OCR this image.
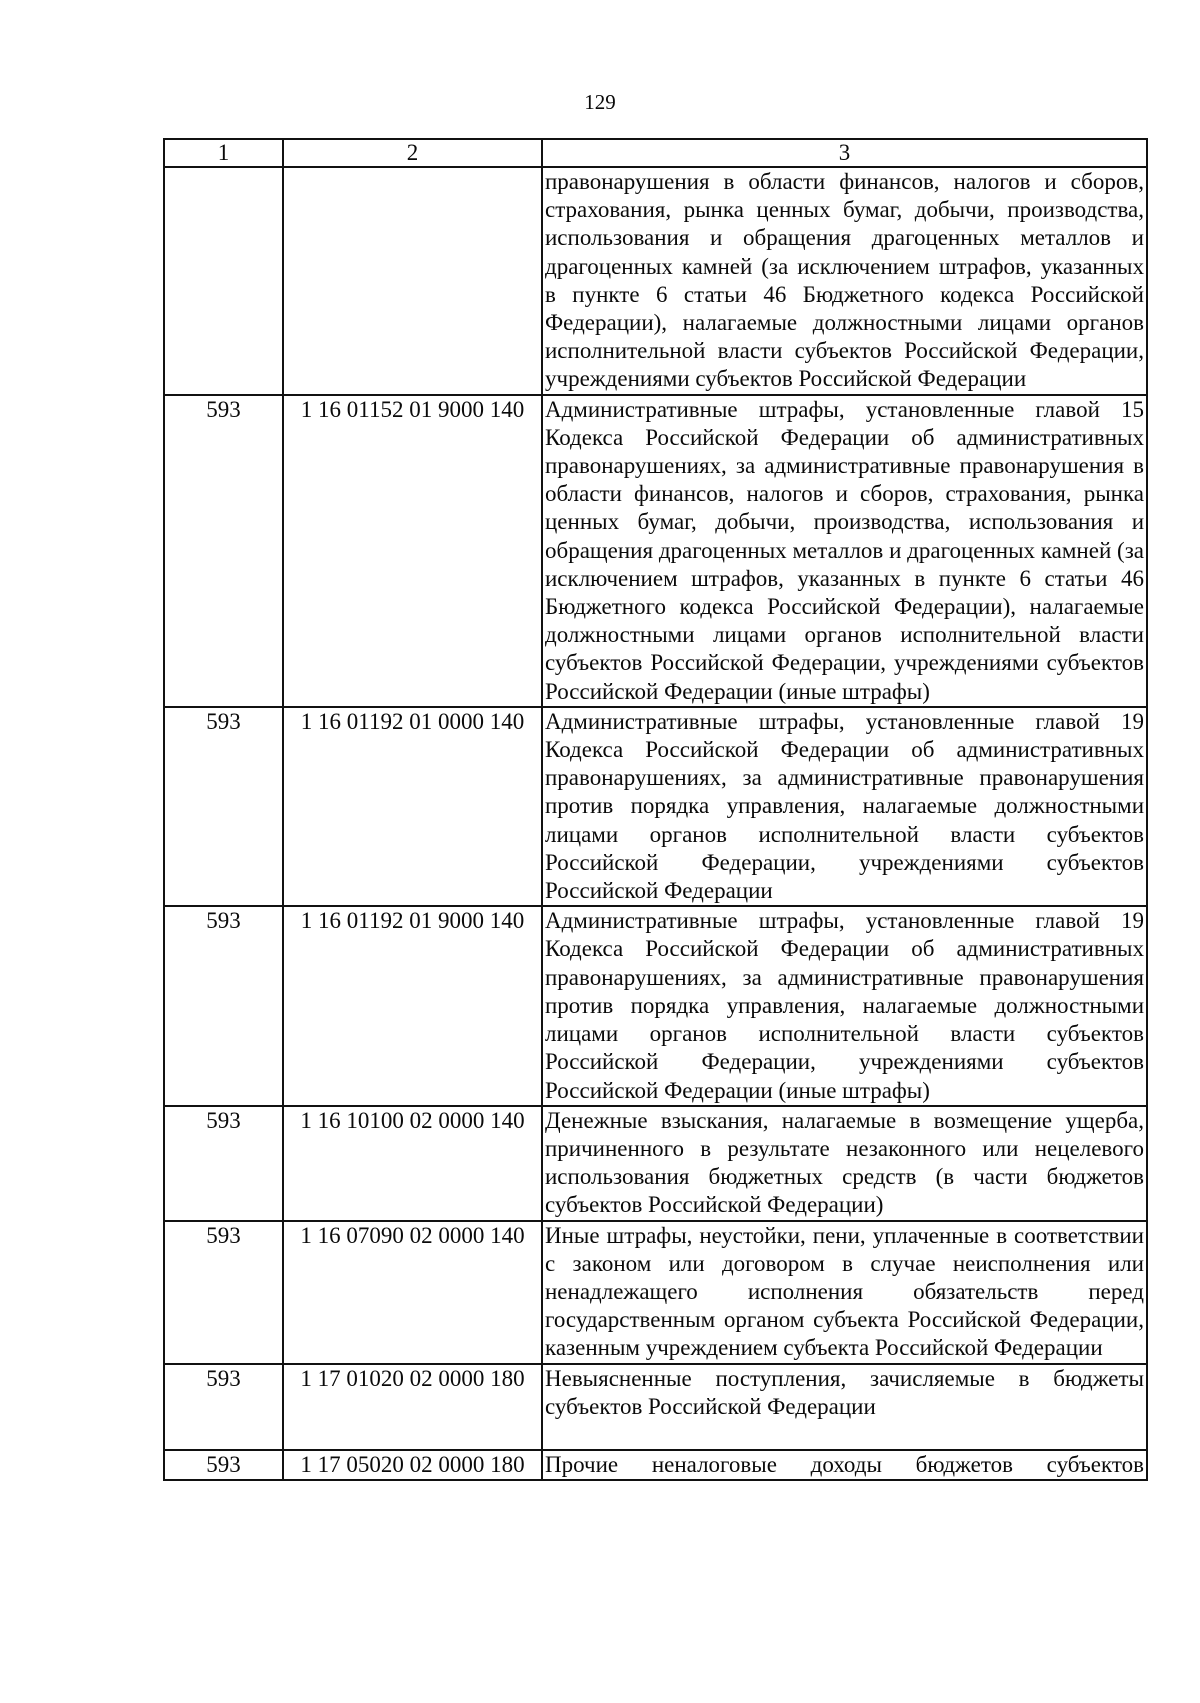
129
1	2	3
		правонарушения в области финансов, налогов и сборов, страхования, рынка ценных бумаг, добычи, производства, использования и обращения драгоценных металлов и драгоценных камней (за исключением штрафов, указанных в пункте 6 статьи 46 Бюджетного кодекса Российской Федерации), налагаемые должностными лицами органов исполнительной власти субъектов Российской Федерации, учреждениями субъектов Российской Федерации
593	1 16 01152 01 9000 140	Административные штрафы, установленные главой 15 Кодекса Российской Федерации об административных правонарушениях, за административные правонарушения в области финансов, налогов и сборов, страхования, рынка ценных бумаг, добычи, производства, использования и обращения драгоценных металлов и драгоценных камней (за исключением штрафов, указанных в пункте 6 статьи 46 Бюджетного кодекса Российской Федерации), налагаемые должностными лицами органов исполнительной власти субъектов Российской Федерации, учреждениями субъектов Российской Федерации (иные штрафы)
593	1 16 01192 01 0000 140	Административные штрафы, установленные главой 19 Кодекса Российской Федерации об административных правонарушениях, за административные правонарушения против порядка управления, налагаемые должностными лицами органов исполнительной власти субъектов Российской Федерации, учреждениями субъектов Российской Федерации
593	1 16 01192 01 9000 140	Административные штрафы, установленные главой 19 Кодекса Российской Федерации об административных правонарушениях, за административные правонарушения против порядка управления, налагаемые должностными лицами органов исполнительной власти субъектов Российской Федерации, учреждениями субъектов Российской Федерации (иные штрафы)
593	1 16 10100 02 0000 140	Денежные взыскания, налагаемые в возмещение ущерба, причиненного в результате незаконного или нецелевого использования бюджетных средств (в части бюджетов субъектов Российской Федерации)
593	1 16 07090 02 0000 140	Иные штрафы, неустойки, пени, уплаченные в соответствии с законом или договором в случае неисполнения или ненадлежащего исполнения обязательств перед государственным органом субъекта Российской Федерации, казенным учреждением субъекта Российской Федерации
593	1 17 01020 02 0000 180	Невыясненные поступления, зачисляемые в бюджеты субъектов Российской Федерации
593	1 17 05020 02 0000 180	Прочие неналоговые доходы бюджетов субъектов
